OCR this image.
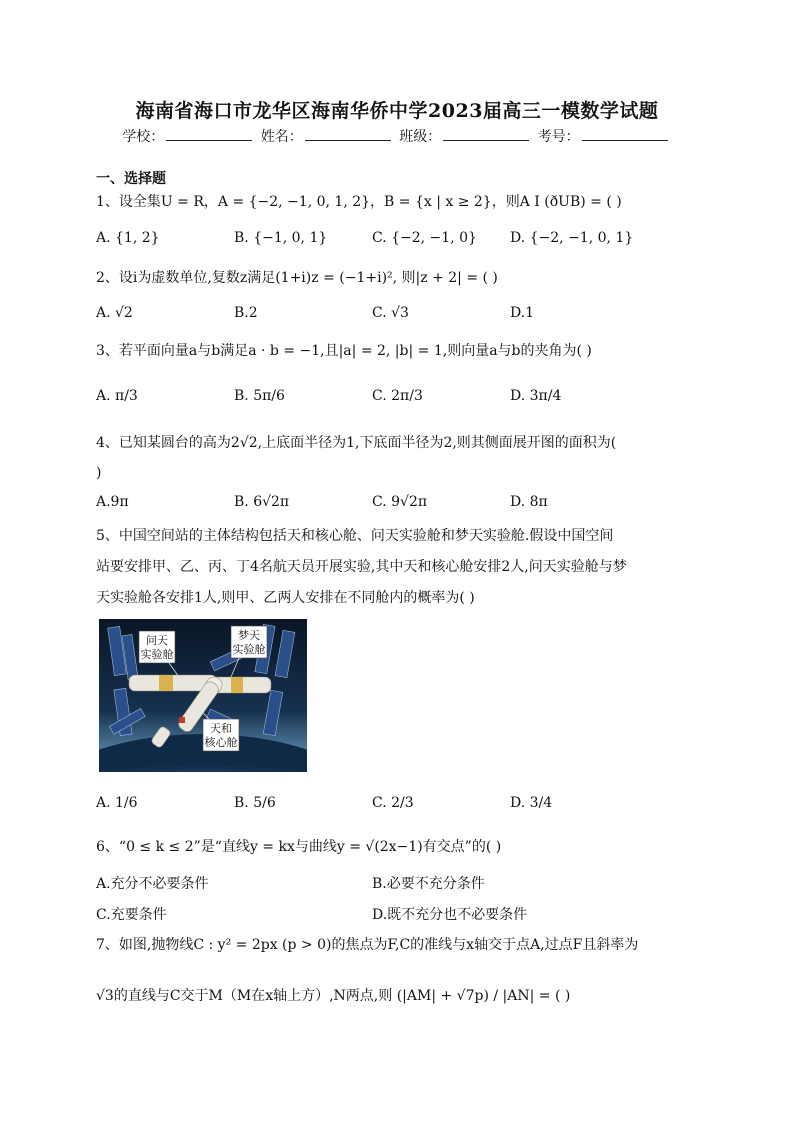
海南省海口市龙华区海南华侨中学2023届高三一模数学试题
学校：	姓名：	班级：	考号：
一、选择题
1、设全集U = R，A = {−2, −1, 0, 1, 2}，B = {x | x ≥ 2}，则A I (ðUB) = ( )
A. {1, 2}	B. {−1, 0, 1}	C. {−2, −1, 0} D. {−2, −1, 0, 1}
2、设i为虚数单位,复数z满足(1+i)z = (−1+i)², 则|z + 2| = ( )
A. √2	B.2	C. √3	D.1
3、若平面向量a与b满足a · b = −1,且|a| = 2, |b| = 1,则向量a与b的夹角为( )
A. π/3	B. 5π/6	C. 2π/3	D. 3π/4
4、已知某圆台的高为2√2,上底面半径为1,下底面半径为2,则其侧面展开图的面积为(
)
A.9π	B. 6√2π	C. 9√2π	D. 8π
5、中国空间站的主体结构包括天和核心舱、问天实验舱和梦天实验舱.假设中国空间
站要安排甲、乙、丙、丁4名航天员开展实验,其中天和核心舱安排2人,问天实验舱与梦
天实验舱各安排1人,则甲、乙两人安排在不同舱内的概率为( )
问天
实验舱
梦天
实验舱
天和
核心舱
A. 1/6	B. 5/6	C. 2/3	D. 3/4
6、“0 ≤ k ≤ 2”是“直线y = kx与曲线y = √(2x−1)有交点”的( )
A.充分不必要条件	B.必要不充分条件
C.充要条件	D.既不充分也不必要条件
7、如图,抛物线C : y² = 2px (p > 0)的焦点为F,C的准线与x轴交于点A,过点F且斜率为
√3的直线与C交于M（M在x轴上方）,N两点,则 (|AM| + √7p) / |AN| = ( )
